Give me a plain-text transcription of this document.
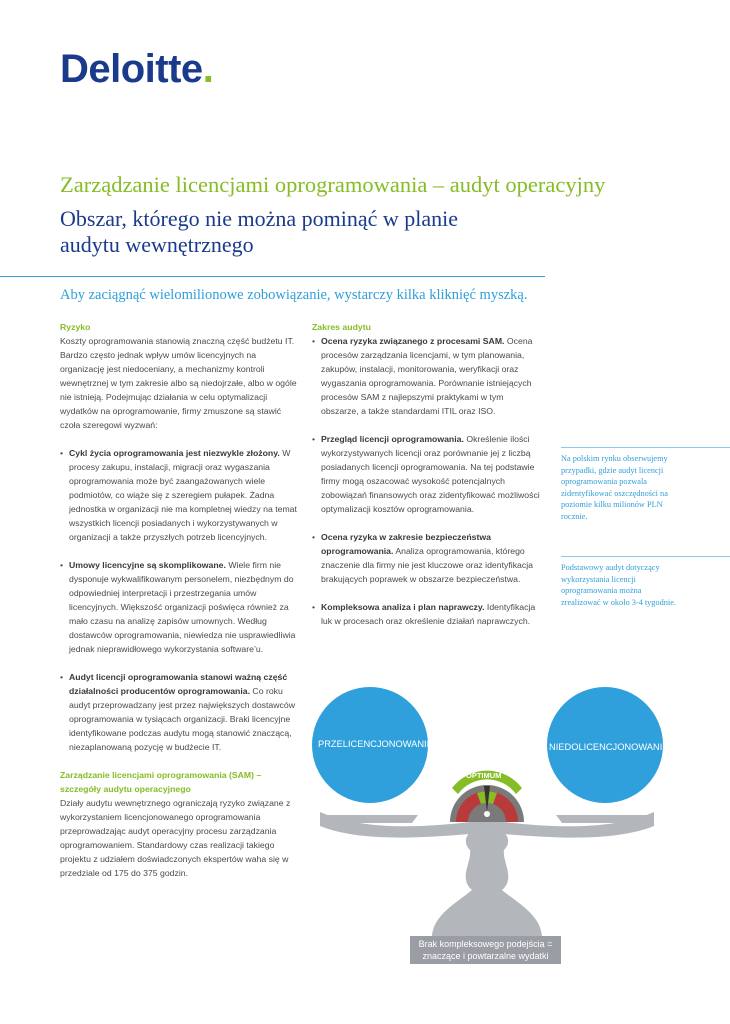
Deloitte.
Zarządzanie licencjami oprogramowania – audyt operacyjny
Obszar, którego nie można pominąć w planie audytu wewnętrznego
Aby zaciągnąć wielomilionowe zobowiązanie, wystarczy kilka kliknięć myszką.

Ryzyko

Koszty oprogramowania stanowią znaczną część budżetu IT. Bardzo często jednak wpływ umów licencyjnych na organizację jest niedoceniany, a mechanizmy kontroli wewnętrznej w tym zakresie albo są niedojrzałe, albo w ogóle nie istnieją. Podejmując działania w celu optymalizacji wydatków na oprogramowanie, firmy zmuszone są stawić czoła szeregowi wyzwań:

• Cykl życia oprogramowania jest niezwykle złożony. W procesy zakupu, instalacji, migracji oraz wygaszania oprogramowania może być zaangażowanych wiele podmiotów, co wiąże się z szeregiem pułapek. Żadna jednostka w organizacji nie ma kompletnej wiedzy na temat wszystkich licencji posiadanych i wykorzystywanych w organizacji a także przyszłych potrzeb licencyjnych.

• Umowy licencyjne są skomplikowane. Wiele firm nie dysponuje wykwalifikowanym personelem, niezbędnym do odpowiedniej interpretacji i przestrzegania umów licencyjnych. Większość organizacji poświęca również za mało czasu na analizę zapisów umownych. Według dostawców oprogramowania, niewiedza nie usprawiedliwia jednak nieprawidłowego wykorzystania software’u.

• Audyt licencji oprogramowania stanowi ważną część działalności producentów oprogramowania. Co roku audyt przeprowadzany jest przez największych dostawców oprogramowania w tysiącach organizacji. Braki licencyjne identyfikowane podczas audytu mogą stanowić znaczącą, niezaplanowaną pozycję w budżecie IT.

Zarządzanie licencjami oprogramowania (SAM) – szczegóły audytu operacyjnego

Działy audytu wewnętrznego ograniczają ryzyko związane z wykorzystaniem licencjonowanego oprogramowania przeprowadzając audyt operacyjny procesu zarządzania oprogramowaniem. Standardowy czas realizacji takiego projektu z udziałem doświadczonych ekspertów waha się w przedziale od 175 do 375 godzin.

Zakres audytu

• Ocena ryzyka związanego z procesami SAM. Ocena procesów zarządzania licencjami, w tym planowania, zakupów, instalacji, monitorowania, weryfikacji oraz wygaszania oprogramowania. Porównanie istniejących procesów SAM z najlepszymi praktykami w tym obszarze, a także standardami ITIL oraz ISO.

• Przegląd licencji oprogramowania. Określenie ilości wykorzystywanych licencji oraz porównanie jej z liczbą posiadanych licencji oprogramowania. Na tej podstawie firmy mogą oszacować wysokość potencjalnych zobowiązań finansowych oraz zidentyfikować możliwości optymalizacji kosztów oprogramowania.

• Ocena ryzyka w zakresie bezpieczeństwa oprogramowania. Analiza oprogramowania, którego znaczenie dla firmy nie jest kluczowe oraz identyfikacja brakujących poprawek w obszarze bezpieczeństwa.

• Kompleksowa analiza i plan naprawczy. Identyfikacja luk w procesach oraz określenie działań naprawczych.

Na polskim rynku obserwujemy przypadki, gdzie audyt licencji oprogramowania pozwala zidentyfikować oszczędności na poziomie kilku milionów PLN rocznie.
Podstawowy audyt dotyczący wykorzystania licencji oprogramowania można zrealizować w około 3-4 tygodnie.
PRZELICENCJONOWANIE	NIEDOLICENCJONOWANIE
OPTIMUM
Brak kompleksowego podejścia = znaczące i powtarzalne wydatki
